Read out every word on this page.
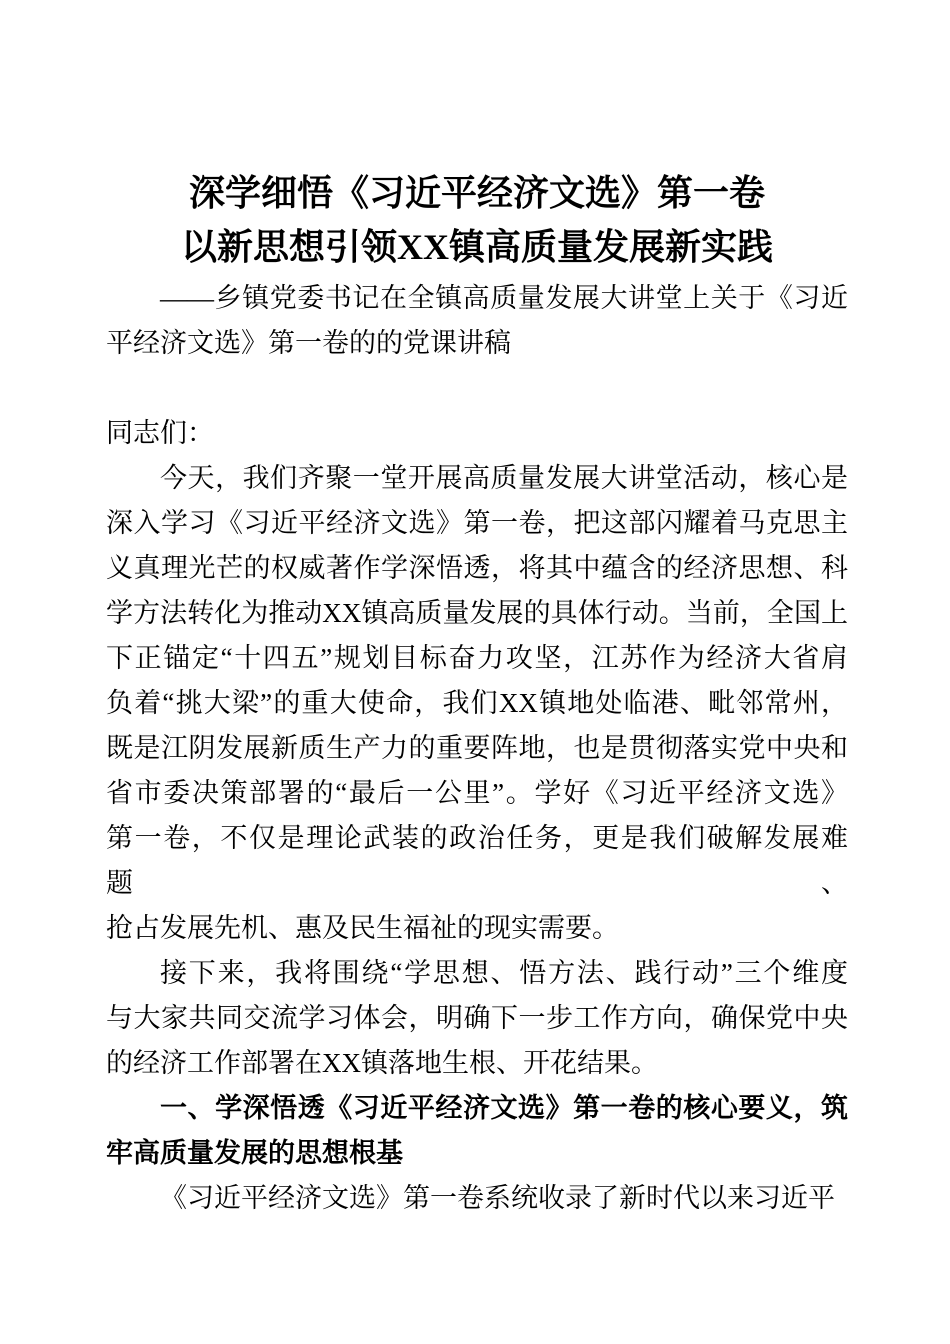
深学细悟《习近平经济文选》第一卷
以新思想引领XX镇高质量发展新实践
——乡镇党委书记在全镇高质量发展大讲堂上关于《习近
平经济文选》第一卷的的党课讲稿
同志们：
今天，我们齐聚一堂开展高质量发展大讲堂活动，核心是
深入学习《习近平经济文选》第一卷，把这部闪耀着马克思主
义真理光芒的权威著作学深悟透，将其中蕴含的经济思想、科
学方法转化为推动XX镇高质量发展的具体行动。当前，全国上
下正锚定“十四五”规划目标奋力攻坚，江苏作为经济大省肩
负着“挑大梁”的重大使命，我们XX镇地处临港、毗邻常州，
既是江阴发展新质生产力的重要阵地，也是贯彻落实党中央和
省市委决策部署的“最后一公里”。学好《习近平经济文选》
第一卷，不仅是理论武装的政治任务，更是我们破解发展难题、
抢占发展先机、惠及民生福祉的现实需要。
接下来，我将围绕“学思想、悟方法、践行动”三个维度
与大家共同交流学习体会，明确下一步工作方向，确保党中央
的经济工作部署在XX镇落地生根、开花结果。
一、学深悟透《习近平经济文选》第一卷的核心要义，筑
牢高质量发展的思想根基
《习近平经济文选》第一卷系统收录了新时代以来习近平
